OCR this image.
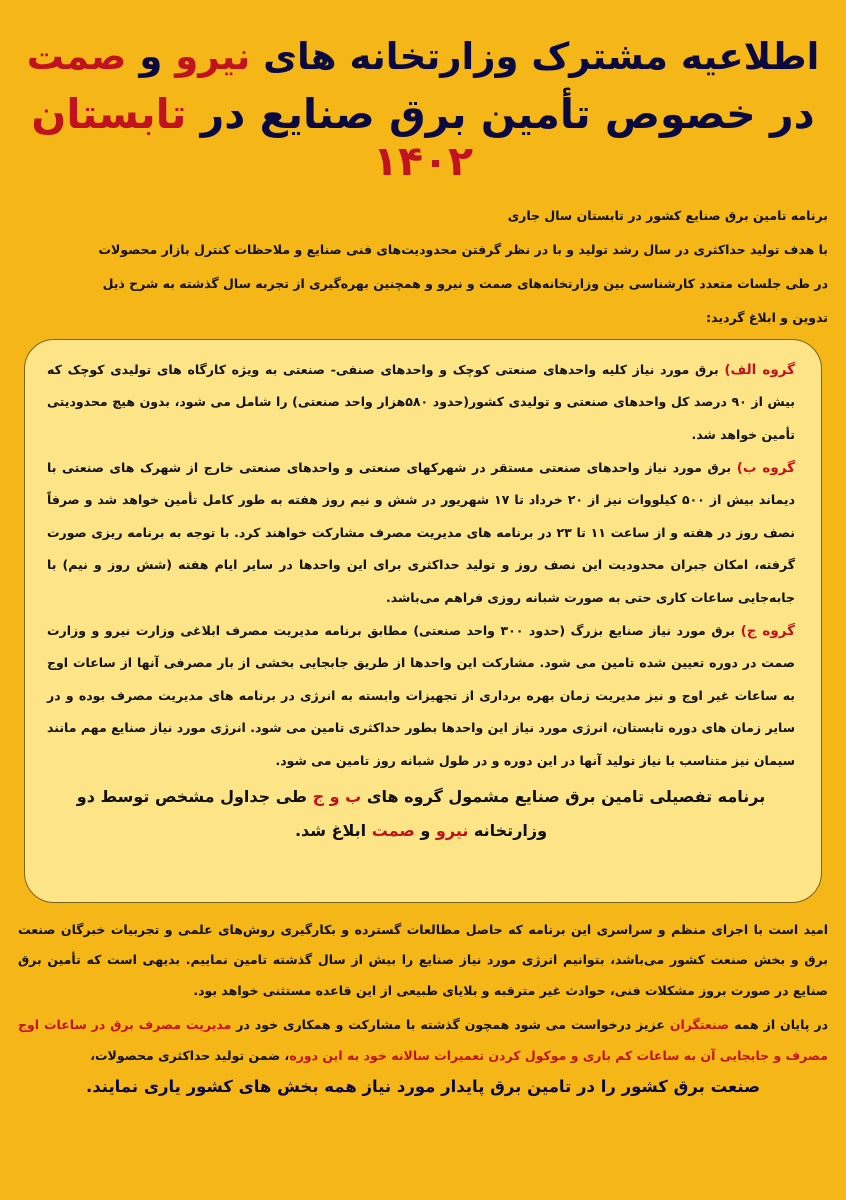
اطلاعیه مشترک وزارتخانه های نیرو و صمت
در خصوص تأمین برق صنایع در تابستان ۱۴۰۲
برنامه تامین برق صنایع کشور در تابستان سال جاری
با هدف تولید حداکثری در سال رشد تولید و با در نظر گرفتن محدودیت‌های فنی صنایع و ملاحظات کنترل بازار محصولات
در طی جلسات متعدد کارشناسی بین وزارتخانه‌های صمت و نیرو و همچنین بهره‌گیری از تجربه سال گذشته به شرح ذیل
تدوین و ابلاغ گردید:

گروه الف) برق مورد نیاز کلیه واحدهای صنعتی کوچک و واحدهای صنفی- صنعتی به ویژه کارگاه های تولیدی کوچک که بیش از ۹۰ درصد کل واحدهای صنعتی و تولیدی کشور(حدود ۵۸۰هزار واحد صنعتی) را شامل می شود، بدون هیچ محدودیتی تأمین خواهد شد.

گروه ب) برق مورد نیاز واحدهای صنعتی مستقر در شهرکهای صنعتی و واحدهای صنعتی خارج از شهرک های صنعتی با دیماند بیش از ۵۰۰ کیلووات نیز از ۲۰ خرداد تا ۱۷ شهریور در شش و نیم روز هفته به طور کامل تأمین خواهد شد و صرفاً نصف روز در هفته و از ساعت ۱۱ تا ۲۳ در برنامه های مدیریت مصرف مشارکت خواهند کرد. با توجه به برنامه ریزی صورت گرفته، امکان جبران محدودیت این نصف روز و تولید حداکثری برای این واحدها در سایر ایام هفته (شش روز و نیم) با جابه‌جایی ساعات کاری حتی به صورت شبانه روزی فراهم می‌باشد.

گروه ج) برق مورد نیاز صنایع بزرگ (حدود ۳۰۰ واحد صنعتی) مطابق برنامه مدیریت مصرف ابلاغی وزارت نیرو و وزارت صمت در دوره تعیین شده تامین می شود. مشارکت این واحدها از طریق جابجایی بخشی از بار مصرفی آنها از ساعات اوج به ساعات غیر اوج و نیز مدیریت زمان بهره برداری از تجهیزات وابسته به انرژی در برنامه های مدیریت مصرف بوده و در سایر زمان های دوره تابستان، انرژی مورد نیاز این واحدها بطور حداکثری تامین می شود. انرژی مورد نیاز صنایع مهم مانند سیمان نیز متناسب با نیاز تولید آنها در این دوره و در طول شبانه روز تامین می شود.

برنامه تفصیلی تامین برق صنایع مشمول گروه های ب و ج طی جداول مشخص توسط دو وزارتخانه نیرو و صمت ابلاغ شد.
امید است با اجرای منظم و سراسری این برنامه که حاصل مطالعات گسترده و بکارگیری روش‌های علمی و تجربیات خبرگان صنعت برق و بخش صنعت کشور می‌باشد، بتوانیم انرژی مورد نیاز صنایع را بیش از سال گذشته تامین نماییم. بدیهی است که تأمین برق صنایع در صورت بروز مشکلات فنی، حوادث غیر مترقبه و بلایای طبیعی از این قاعده مستثنی خواهد بود.
در پایان از همه صنعتگران عزیز درخواست می شود همچون گذشته با مشارکت و همکاری خود در مدیریت مصرف برق در ساعات اوج مصرف و جابجایی آن به ساعات کم باری و موکول کردن تعمیرات سالانه خود به این دوره، ضمن تولید حداکثری محصولات،
صنعت برق کشور را در تامین برق پایدار مورد نیاز همه بخش های کشور یاری نمایند.
